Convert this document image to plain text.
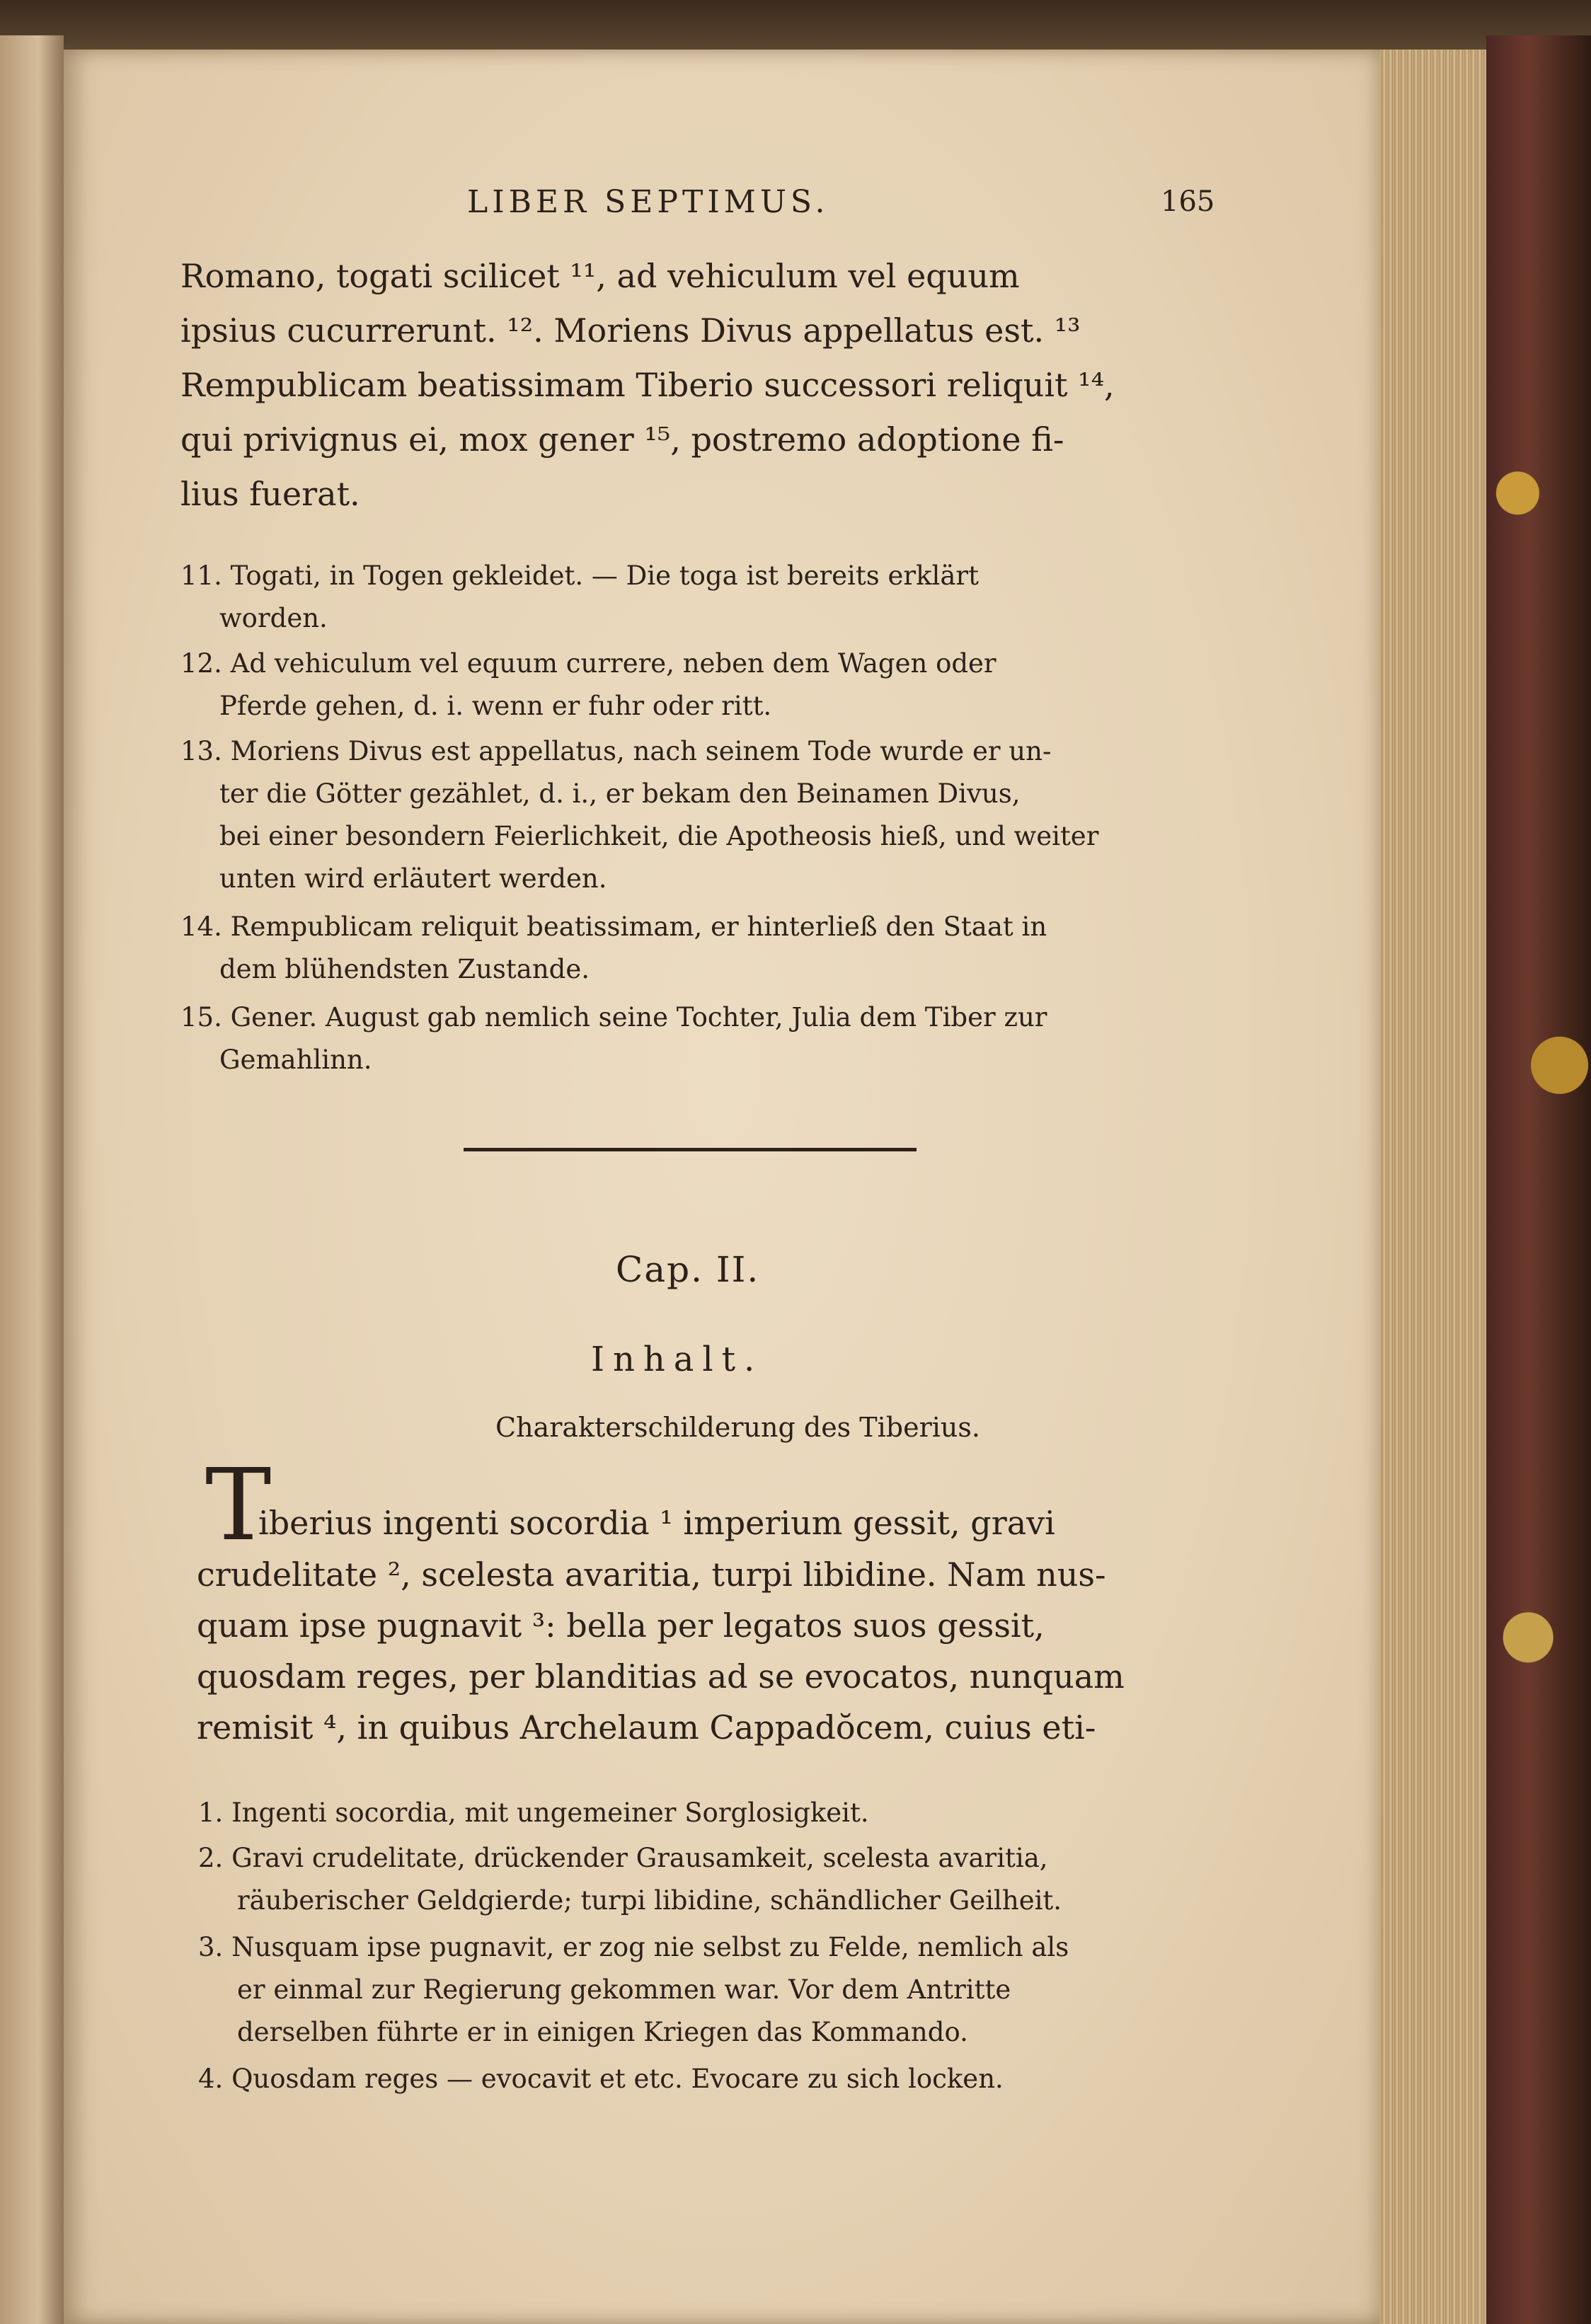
LIBER SEPTIMUS.	165
Romano, togati scilicet ¹¹, ad vehiculum vel equum
ipsius cucurrerunt. ¹². Moriens Divus appellatus est. ¹³
Rempublicam beatissimam Tiberio successori reliquit ¹⁴,
qui privignus ei, mox gener ¹⁵, postremo adoptione fi-
lius fuerat.
11. Togati, in Togen gekleidet. — Die toga ist bereits erklärt
worden.
12. Ad vehiculum vel equum currere, neben dem Wagen oder
Pferde gehen, d. i. wenn er fuhr oder ritt.
13. Moriens Divus est appellatus, nach seinem Tode wurde er un-
ter die Götter gezählet, d. i., er bekam den Beinamen Divus,
bei einer besondern Feierlichkeit, die Apotheosis hieß, und weiter
unten wird erläutert werden.
14. Rempublicam reliquit beatissimam, er hinterließ den Staat in
dem blühendsten Zustande.
15. Gener. August gab nemlich seine Tochter, Julia dem Tiber zur
Gemahlinn.
Cap. II.
Inhalt.
Charakterschilderung des Tiberius.
T
iberius ingenti socordia ¹ imperium gessit, gravi
crudelitate ², scelesta avaritia, turpi libidine. Nam nus-
quam ipse pugnavit ³: bella per legatos suos gessit,
quosdam reges, per blanditias ad se evocatos, nunquam
remisit ⁴, in quibus Archelaum Cappadŏcem, cuius eti-
1. Ingenti socordia, mit ungemeiner Sorglosigkeit.
2. Gravi crudelitate, drückender Grausamkeit, scelesta avaritia,
räuberischer Geldgierde; turpi libidine, schändlicher Geilheit.
3. Nusquam ipse pugnavit, er zog nie selbst zu Felde, nemlich als
er einmal zur Regierung gekommen war. Vor dem Antritte
derselben führte er in einigen Kriegen das Kommando.
4. Quosdam reges — evocavit et etc. Evocare zu sich locken.
